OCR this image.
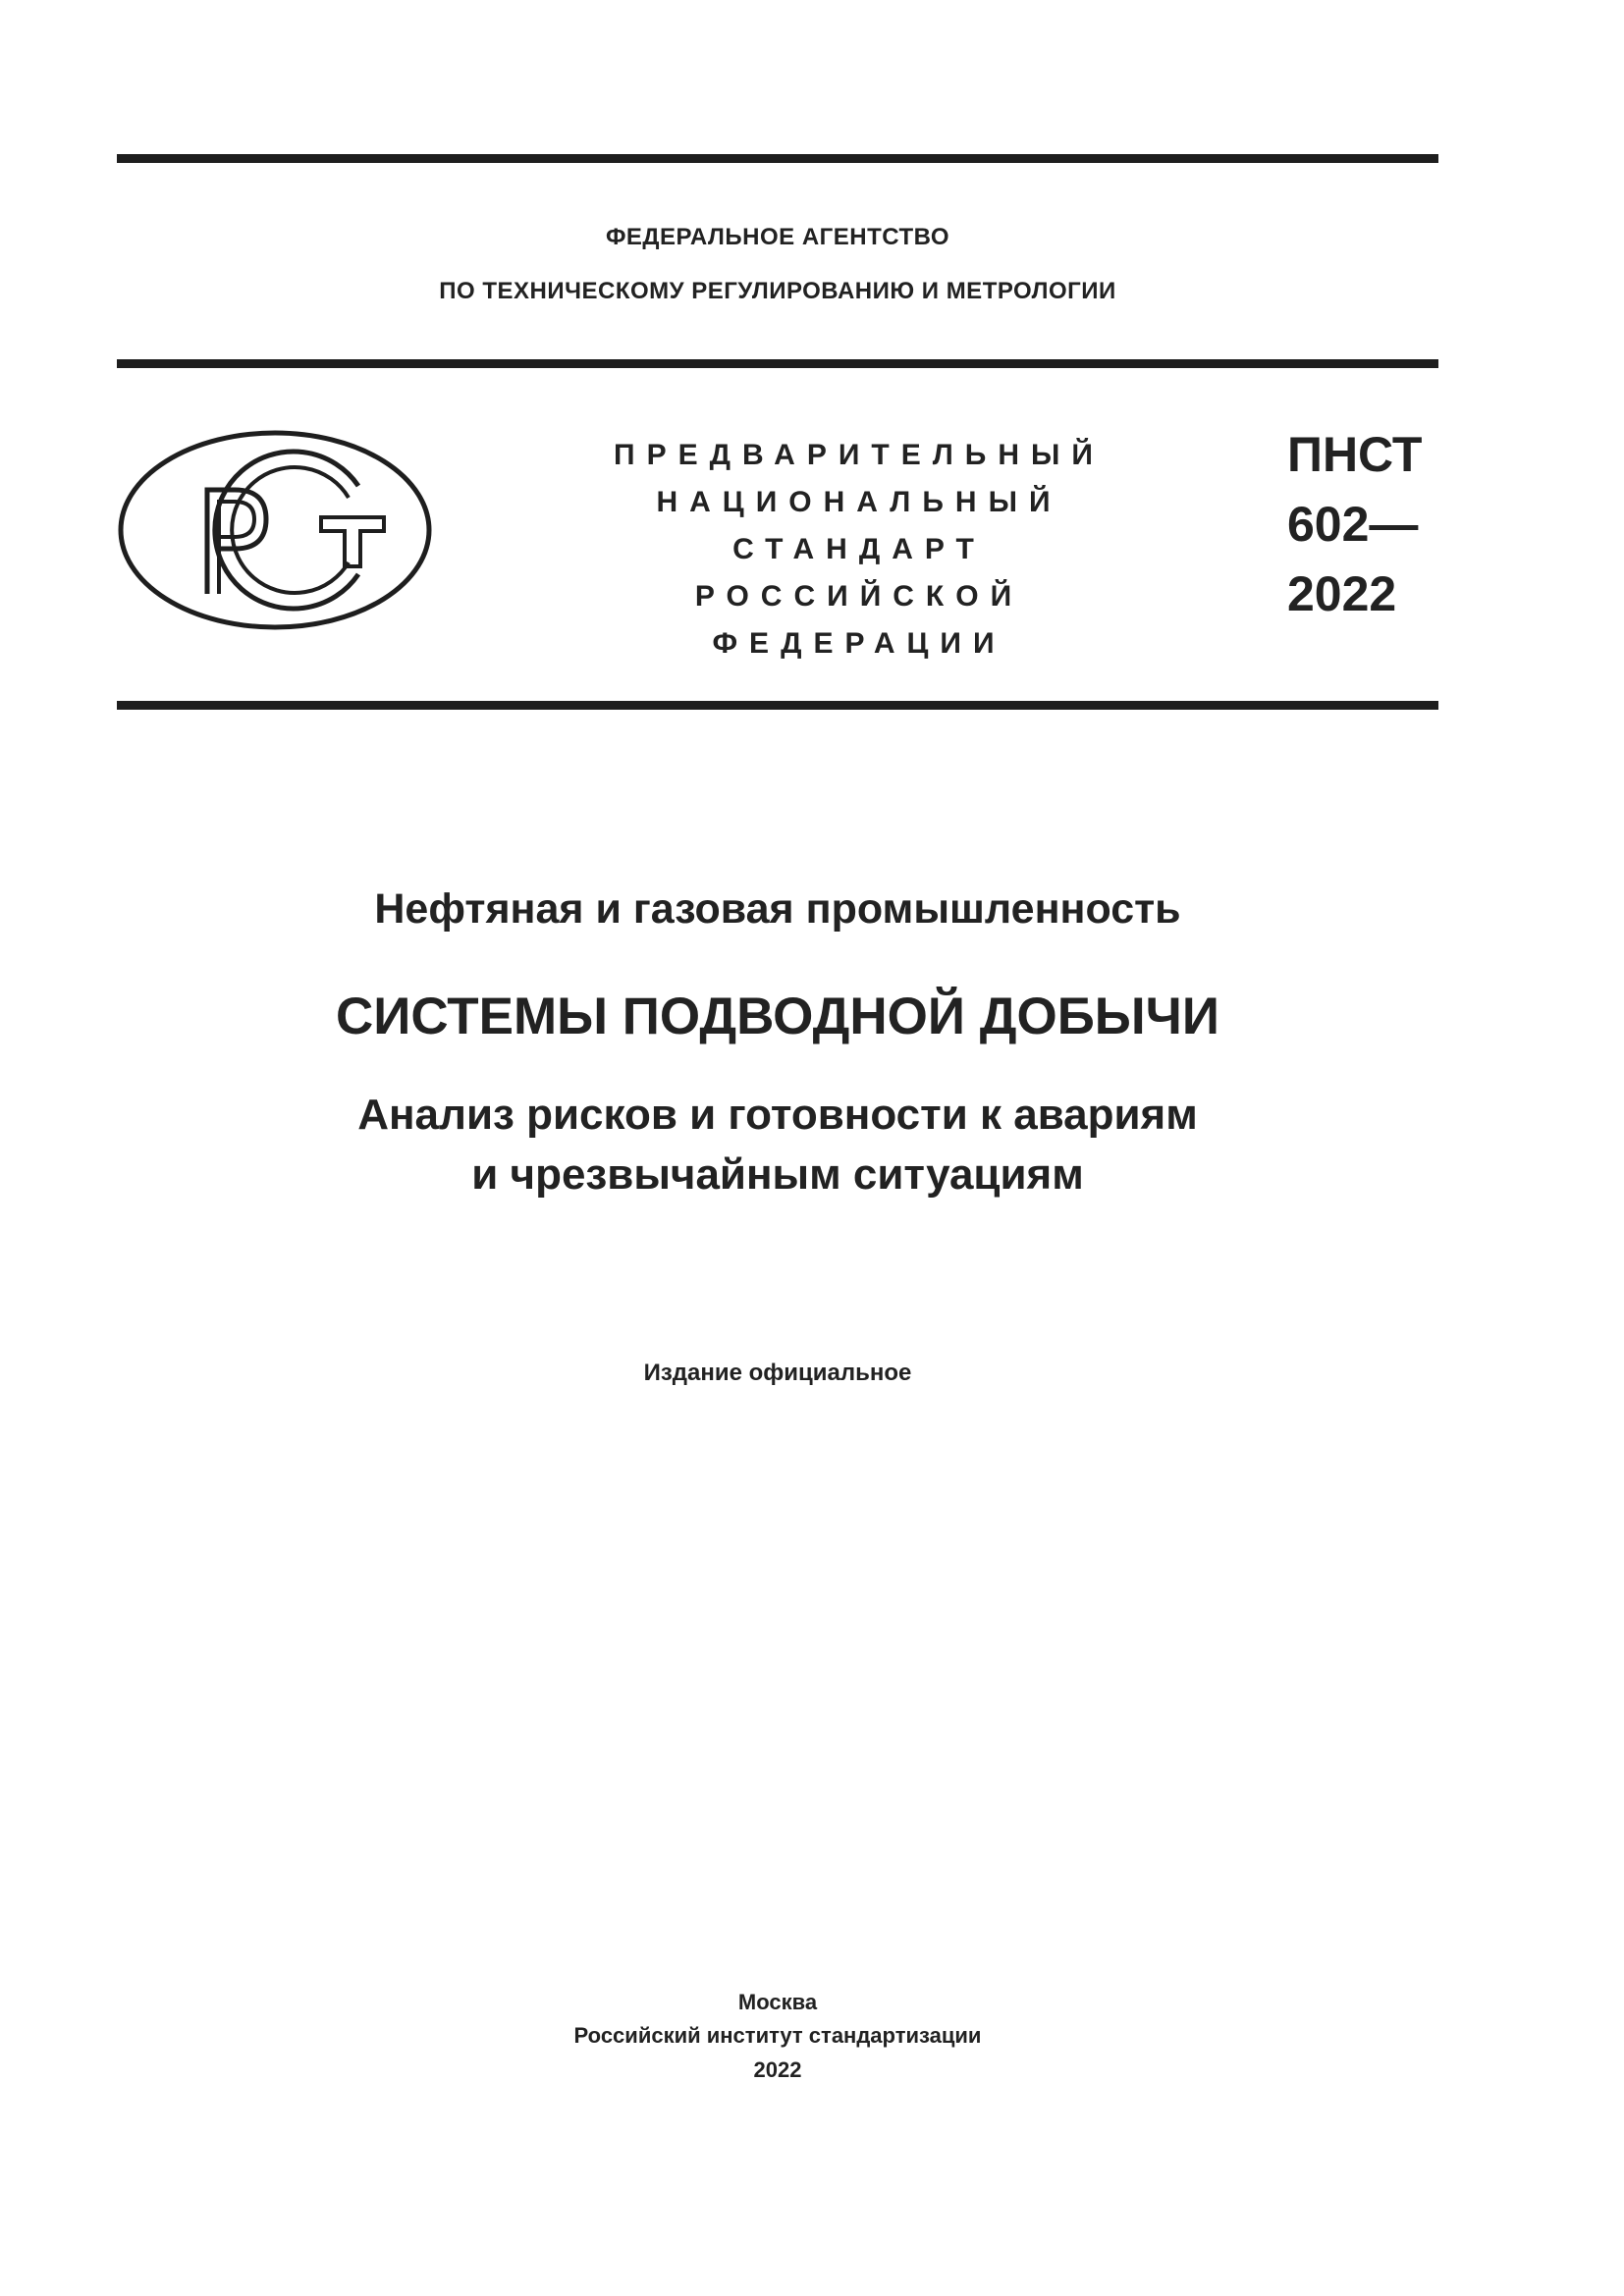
ФЕДЕРАЛЬНОЕ АГЕНТСТВО
ПО ТЕХНИЧЕСКОМУ РЕГУЛИРОВАНИЮ И МЕТРОЛОГИИ
ПРЕДВАРИТЕЛЬНЫЙ
НАЦИОНАЛЬНЫЙ
СТАНДАРТ
РОССИЙСКОЙ
ФЕДЕРАЦИИ
ПНСТ
602—
2022
Нефтяная и газовая промышленность
СИСТЕМЫ ПОДВОДНОЙ ДОБЫЧИ
Анализ рисков и готовности к авариям
и чрезвычайным ситуациям
Издание официальное
Москва
Российский институт стандартизации
2022
